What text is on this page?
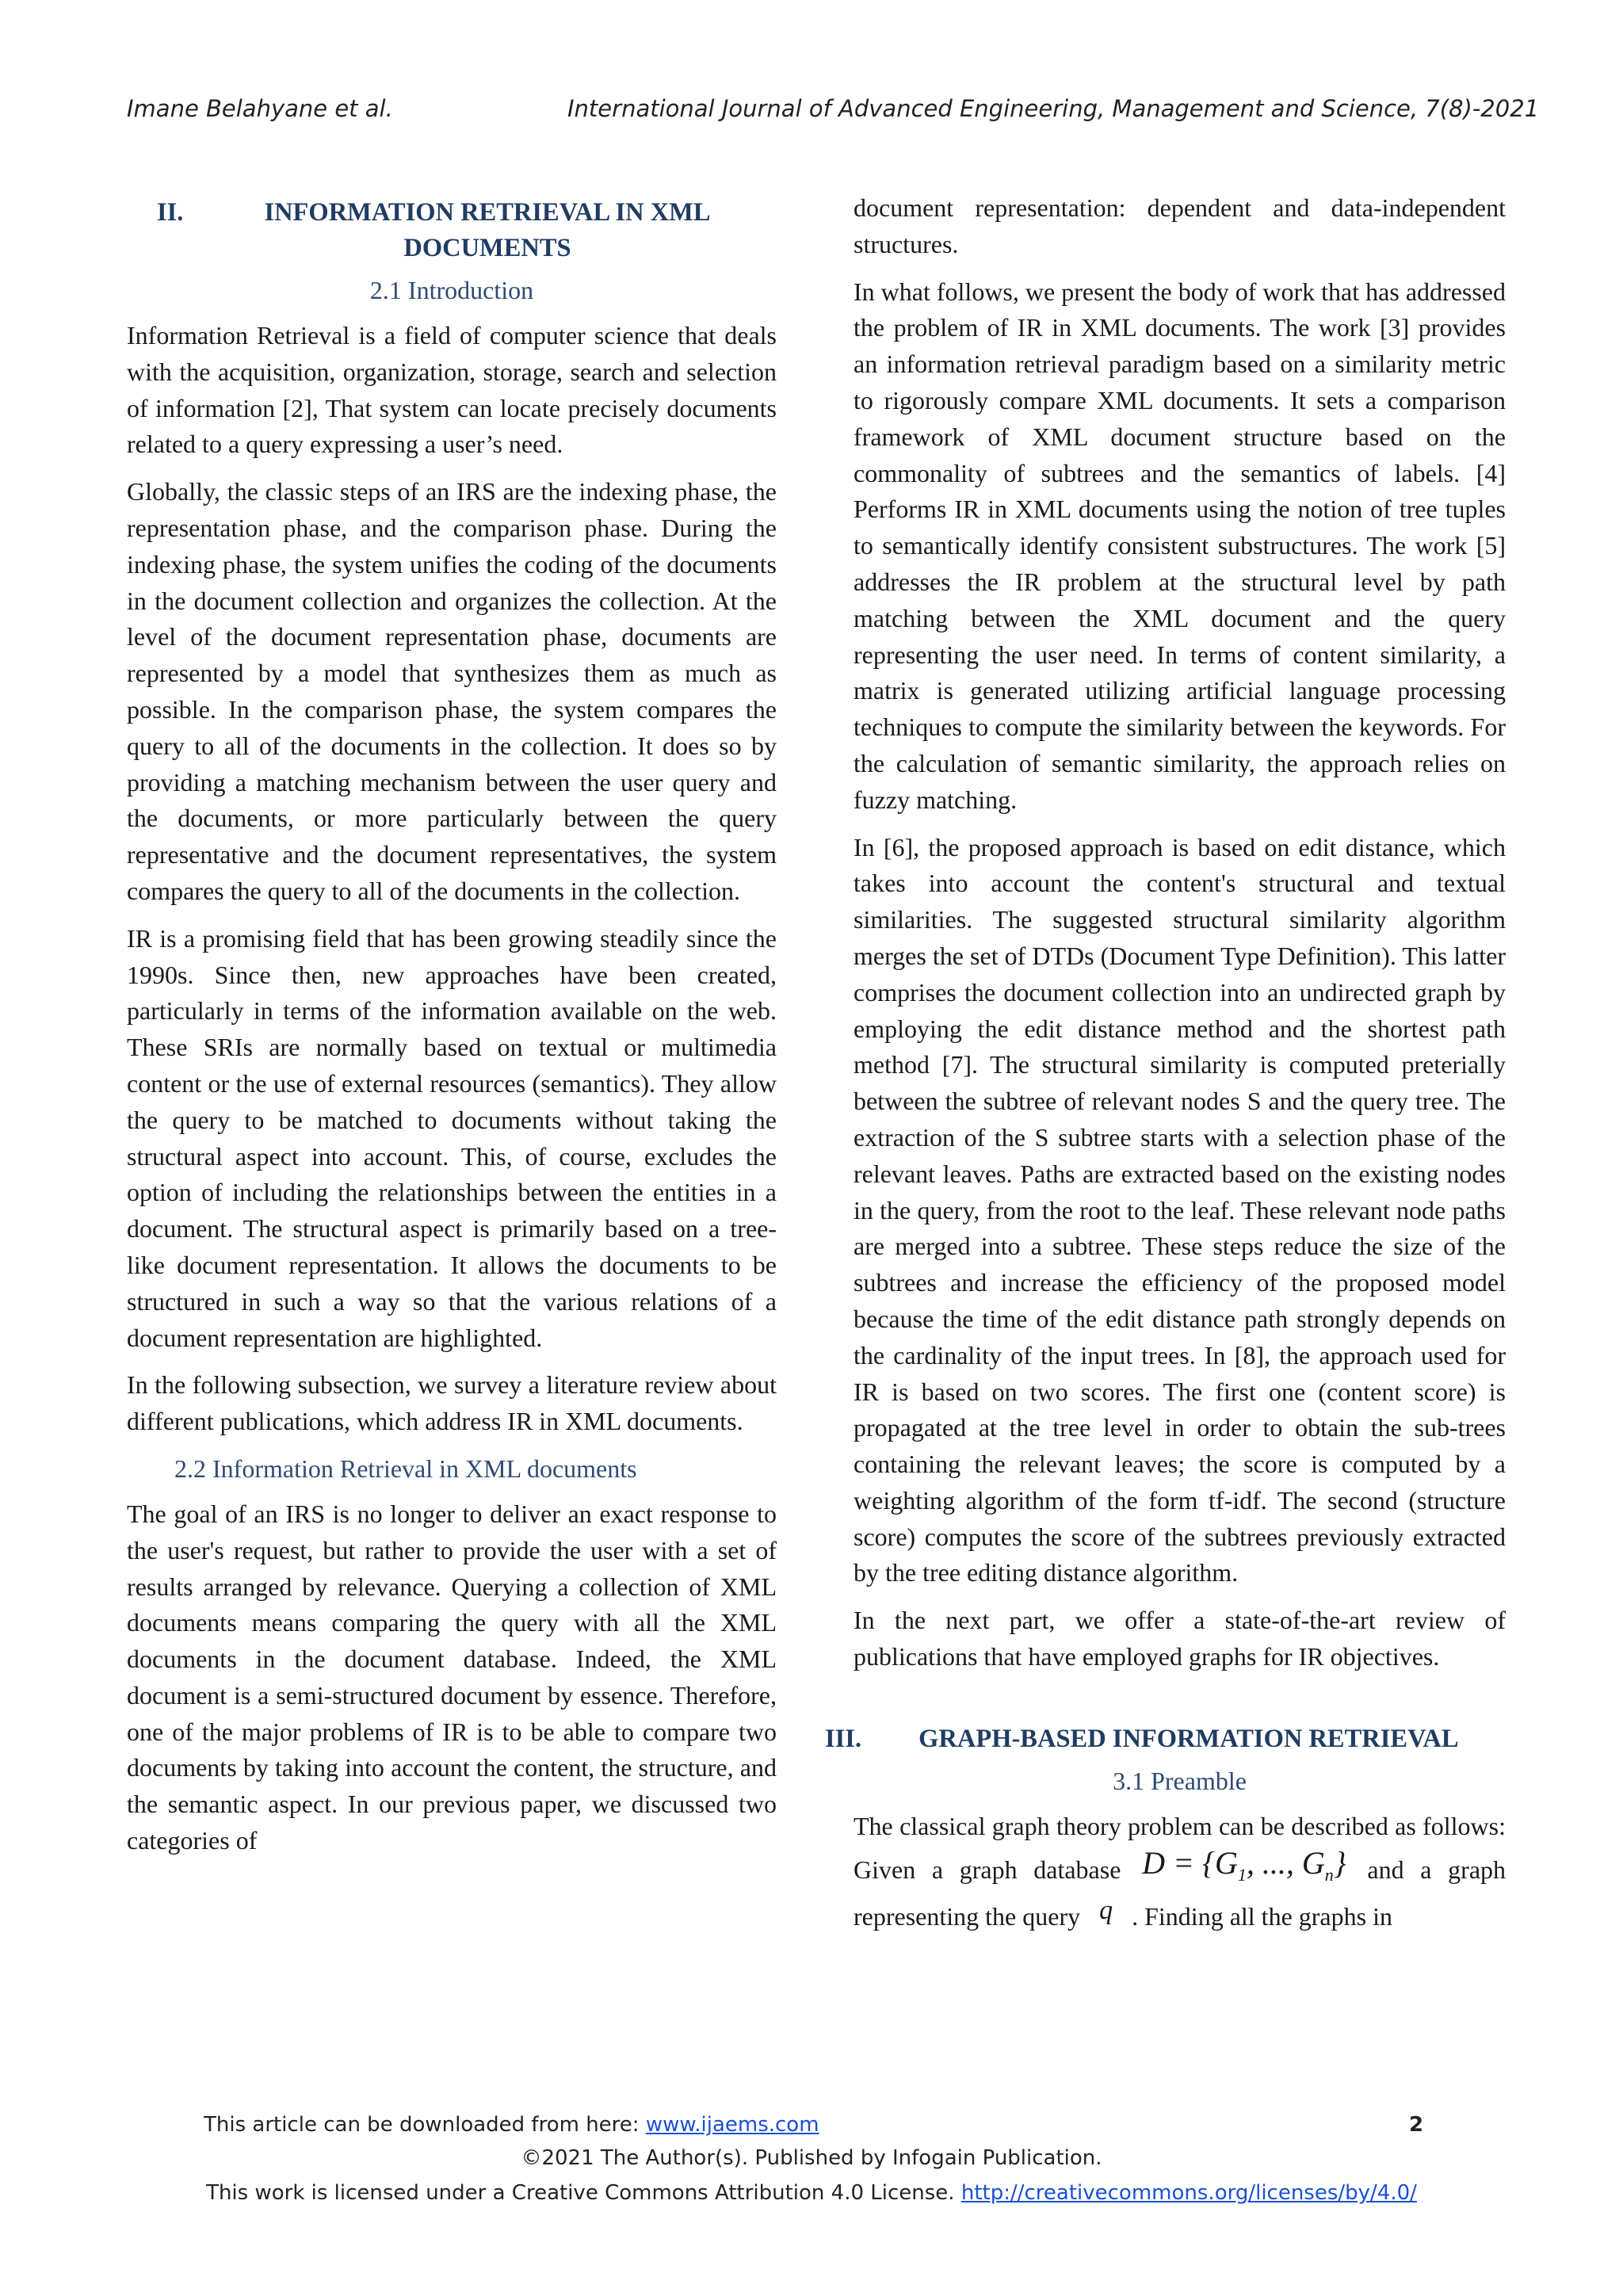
Imane Belahyane et al.	International Journal of Advanced Engineering, Management and Science, 7(8)-2021
II.	INFORMATION RETRIEVAL IN XML DOCUMENTS
2.1 Introduction

Information Retrieval is a field of computer science that deals with the acquisition, organization, storage, search and selection of information [2], That system can locate precisely documents related to a query expressing a user’s need.

Globally, the classic steps of an IRS are the indexing phase, the representation phase, and the comparison phase. During the indexing phase, the system unifies the coding of the documents in the document collection and organizes the collection. At the level of the document representation phase, documents are represented by a model that synthesizes them as much as possible. In the comparison phase, the system compares the query to all of the documents in the collection. It does so by providing a matching mechanism between the user query and the documents, or more particularly between the query representative and the document representatives, the system compares the query to all of the documents in the collection.

IR is a promising field that has been growing steadily since the 1990s. Since then, new approaches have been created, particularly in terms of the information available on the web. These SRIs are normally based on textual or multimedia content or the use of external resources (semantics). They allow the query to be matched to documents without taking the structural aspect into account. This, of course, excludes the option of including the relationships between the entities in a document. The structural aspect is primarily based on a tree-like document representation. It allows the documents to be structured in such a way so that the various relations of a document representation are highlighted.

In the following subsection, we survey a literature review about different publications, which address IR in XML documents.

2.2 Information Retrieval in XML documents

The goal of an IRS is no longer to deliver an exact response to the user's request, but rather to provide the user with a set of results arranged by relevance. Querying a collection of XML documents means comparing the query with all the XML documents in the document database. Indeed, the XML document is a semi-structured document by essence. Therefore, one of the major problems of IR is to be able to compare two documents by taking into account the content, the structure, and the semantic aspect. In our previous paper, we discussed two categories of

document representation: dependent and data-independent structures.

In what follows, we present the body of work that has addressed the problem of IR in XML documents. The work [3] provides an information retrieval paradigm based on a similarity metric to rigorously compare XML documents. It sets a comparison framework of XML document structure based on the commonality of subtrees and the semantics of labels. [4] Performs IR in XML documents using the notion of tree tuples to semantically identify consistent substructures. The work [5] addresses the IR problem at the structural level by path matching between the XML document and the query representing the user need. In terms of content similarity, a matrix is generated utilizing artificial language processing techniques to compute the similarity between the keywords. For the calculation of semantic similarity, the approach relies on fuzzy matching.

In [6], the proposed approach is based on edit distance, which takes into account the content's structural and textual similarities. The suggested structural similarity algorithm merges the set of DTDs (Document Type Definition). This latter comprises the document collection into an undirected graph by employing the edit distance method and the shortest path method [7]. The structural similarity is computed preterially between the subtree of relevant nodes S and the query tree. The extraction of the S subtree starts with a selection phase of the relevant leaves. Paths are extracted based on the existing nodes in the query, from the root to the leaf. These relevant node paths are merged into a subtree. These steps reduce the size of the subtrees and increase the efficiency of the proposed model because the time of the edit distance path strongly depends on the cardinality of the input trees. In [8], the approach used for IR is based on two scores. The first one (content score) is propagated at the tree level in order to obtain the sub-trees containing the relevant leaves; the score is computed by a weighting algorithm of the form tf-idf. The second (structure score) computes the score of the subtrees previously extracted by the tree editing distance algorithm.

In the next part, we offer a state-of-the-art review of publications that have employed graphs for IR objectives.

III. GRAPH-BASED INFORMATION RETRIEVAL
3.1 Preamble

The classical graph theory problem can be described as follows: Given a graph database $D = \{G_1$, ..., $G_n$} and a graph representing the query q . Finding all the graphs in

This article can be downloaded from here: www.ijaems.com	2
©2021 The Author(s). Published by Infogain Publication.
This work is licensed under a Creative Commons Attribution 4.0 License. http://creativecommons.org/licenses/by/4.0/
